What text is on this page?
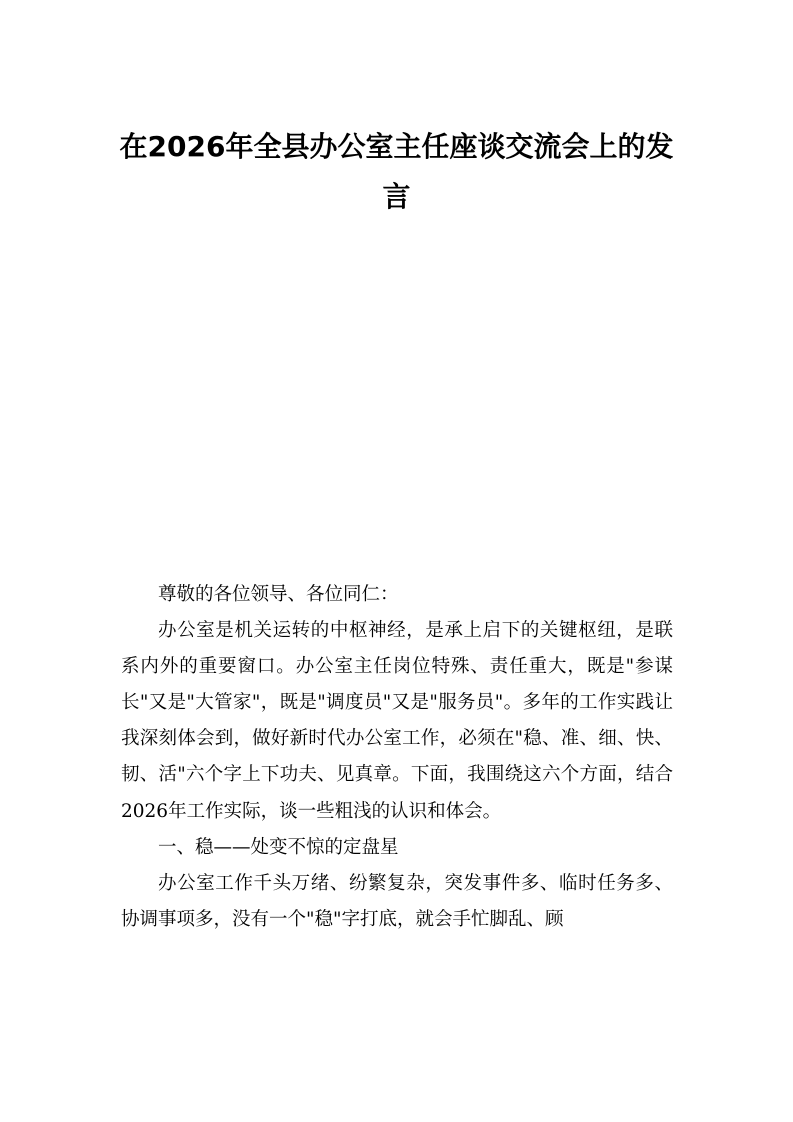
在2026年全县办公室主任座谈交流会上的发言

尊敬的各位领导、各位同仁：

办公室是机关运转的中枢神经，是承上启下的关键枢纽，是联系内外的重要窗口。办公室主任岗位特殊、责任重大，既是"参谋长"又是"大管家"，既是"调度员"又是"服务员"。多年的工作实践让我深刻体会到，做好新时代办公室工作，必须在"稳、准、细、快、韧、活"六个字上下功夫、见真章。下面，我围绕这六个方面，结合2026年工作实际，谈一些粗浅的认识和体会。

一、稳——处变不惊的定盘星

办公室工作千头万绪、纷繁复杂，突发事件多、临时任务多、协调事项多，没有一个"稳"字打底，就会手忙脚乱、顾
